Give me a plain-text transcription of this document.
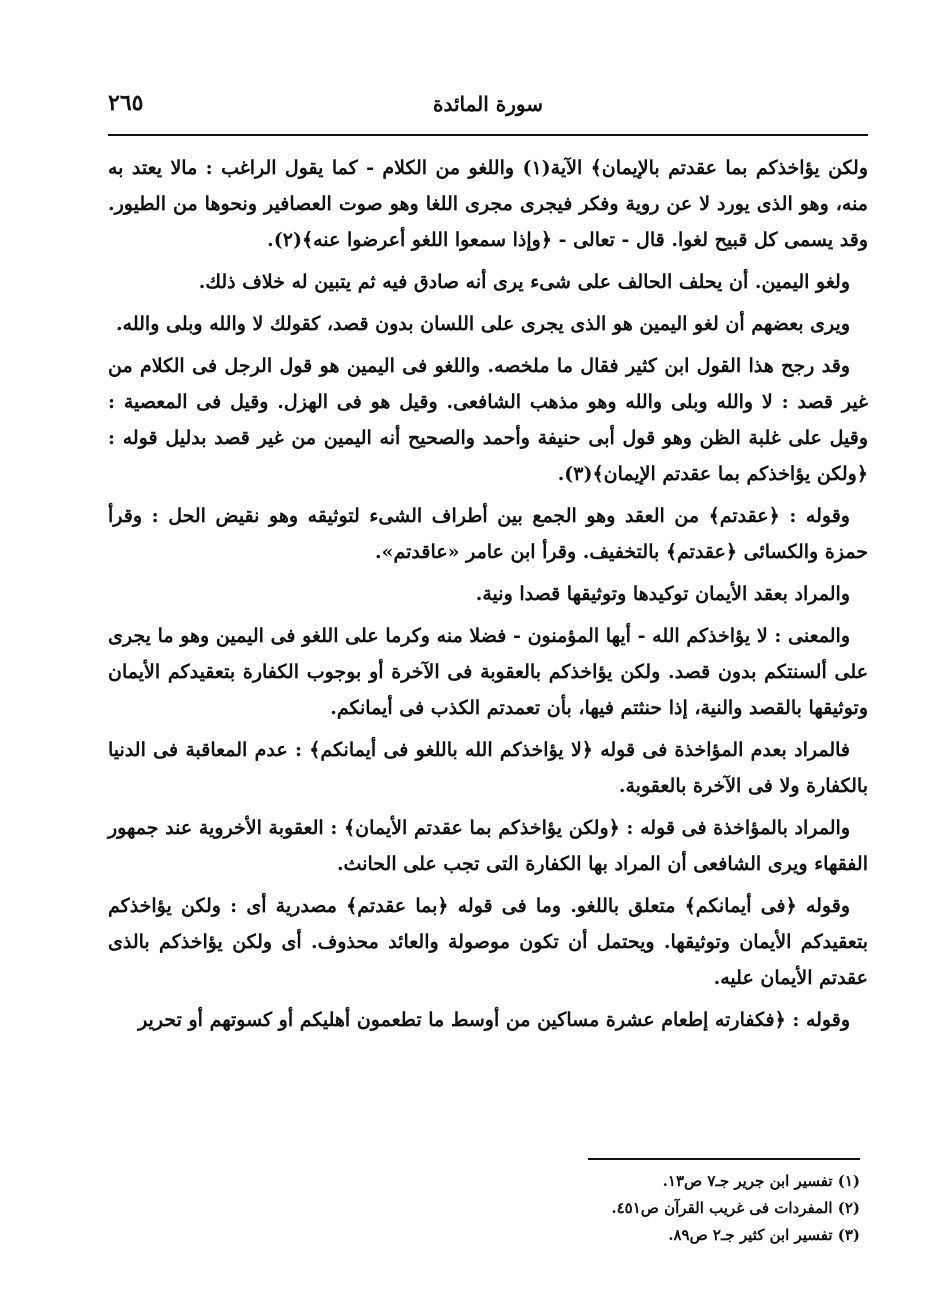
سورة المائدة
٢٦٥

ولكن يؤاخذكم بما عقدتم بالإيمان﴾ الآية(١) واللغو من الكلام - كما يقول الراغب : مالا يعتد به منه، وهو الذى يورد لا عن روية وفكر فيجرى مجرى اللغا وهو صوت العصافير ونحوها من الطيور. وقد يسمى كل قبيح لغوا. قال - تعالى - ﴿وإذا سمعوا اللغو أعرضوا عنه﴾(٢).

ولغو اليمين. أن يحلف الحالف على شىء يرى أنه صادق فيه ثم يتبين له خلاف ذلك.

ويرى بعضهم أن لغو اليمين هو الذى يجرى على اللسان بدون قصد، كقولك لا والله وبلى والله.

وقد رجح هذا القول ابن كثير فقال ما ملخصه. واللغو فى اليمين هو قول الرجل فى الكلام من غير قصد : لا والله وبلى والله وهو مذهب الشافعى. وقيل هو فى الهزل. وقيل فى المعصية : وقيل على غلبة الظن وهو قول أبى حنيفة وأحمد والصحيح أنه اليمين من غير قصد بدليل قوله : ﴿ولكن يؤاخذكم بما عقدتم الإيمان﴾(٣).

وقوله : ﴿عقدتم﴾ من العقد وهو الجمع بين أطراف الشىء لتوثيقه وهو نقيض الحل : وقرأ حمزة والكسائى ﴿عقدتم﴾ بالتخفيف. وقرأ ابن عامر «عاقدتم».

والمراد بعقد الأيمان توكيدها وتوثيقها قصدا ونية.

والمعنى : لا يؤاخذكم الله - أيها المؤمنون - فضلا منه وكرما على اللغو فى اليمين وهو ما يجرى على ألسنتكم بدون قصد. ولكن يؤاخذكم بالعقوبة فى الآخرة أو بوجوب الكفارة بتعقيدكم الأيمان وتوثيقها بالقصد والنية، إذا حنثتم فيها، بأن تعمدتم الكذب فى أيمانكم.

فالمراد بعدم المؤاخذة فى قوله ﴿لا يؤاخذكم الله باللغو فى أيمانكم﴾ : عدم المعاقبة فى الدنيا بالكفارة ولا فى الآخرة بالعقوبة.

والمراد بالمؤاخذة فى قوله : ﴿ولكن يؤاخذكم بما عقدتم الأيمان﴾ : العقوبة الأخروية عند جمهور الفقهاء ويرى الشافعى أن المراد بها الكفارة التى تجب على الحانث.

وقوله ﴿فى أيمانكم﴾ متعلق باللغو. وما فى قوله ﴿بما عقدتم﴾ مصدرية أى : ولكن يؤاخذكم بتعقيدكم الأيمان وتوثيقها. ويحتمل أن تكون موصولة والعائد محذوف. أى ولكن يؤاخذكم بالذى عقدتم الأيمان عليه.

وقوله : ﴿فكفارته إطعام عشرة مساكين من أوسط ما تطعمون أهليكم أو كسوتهم أو تحرير

(١) تفسير ابن جرير جـ٧ ص١٣.
(٢) المفردات فى غريب القرآن ص٤٥١.
(٣) تفسير ابن كثير جـ٢ ص٨٩.
